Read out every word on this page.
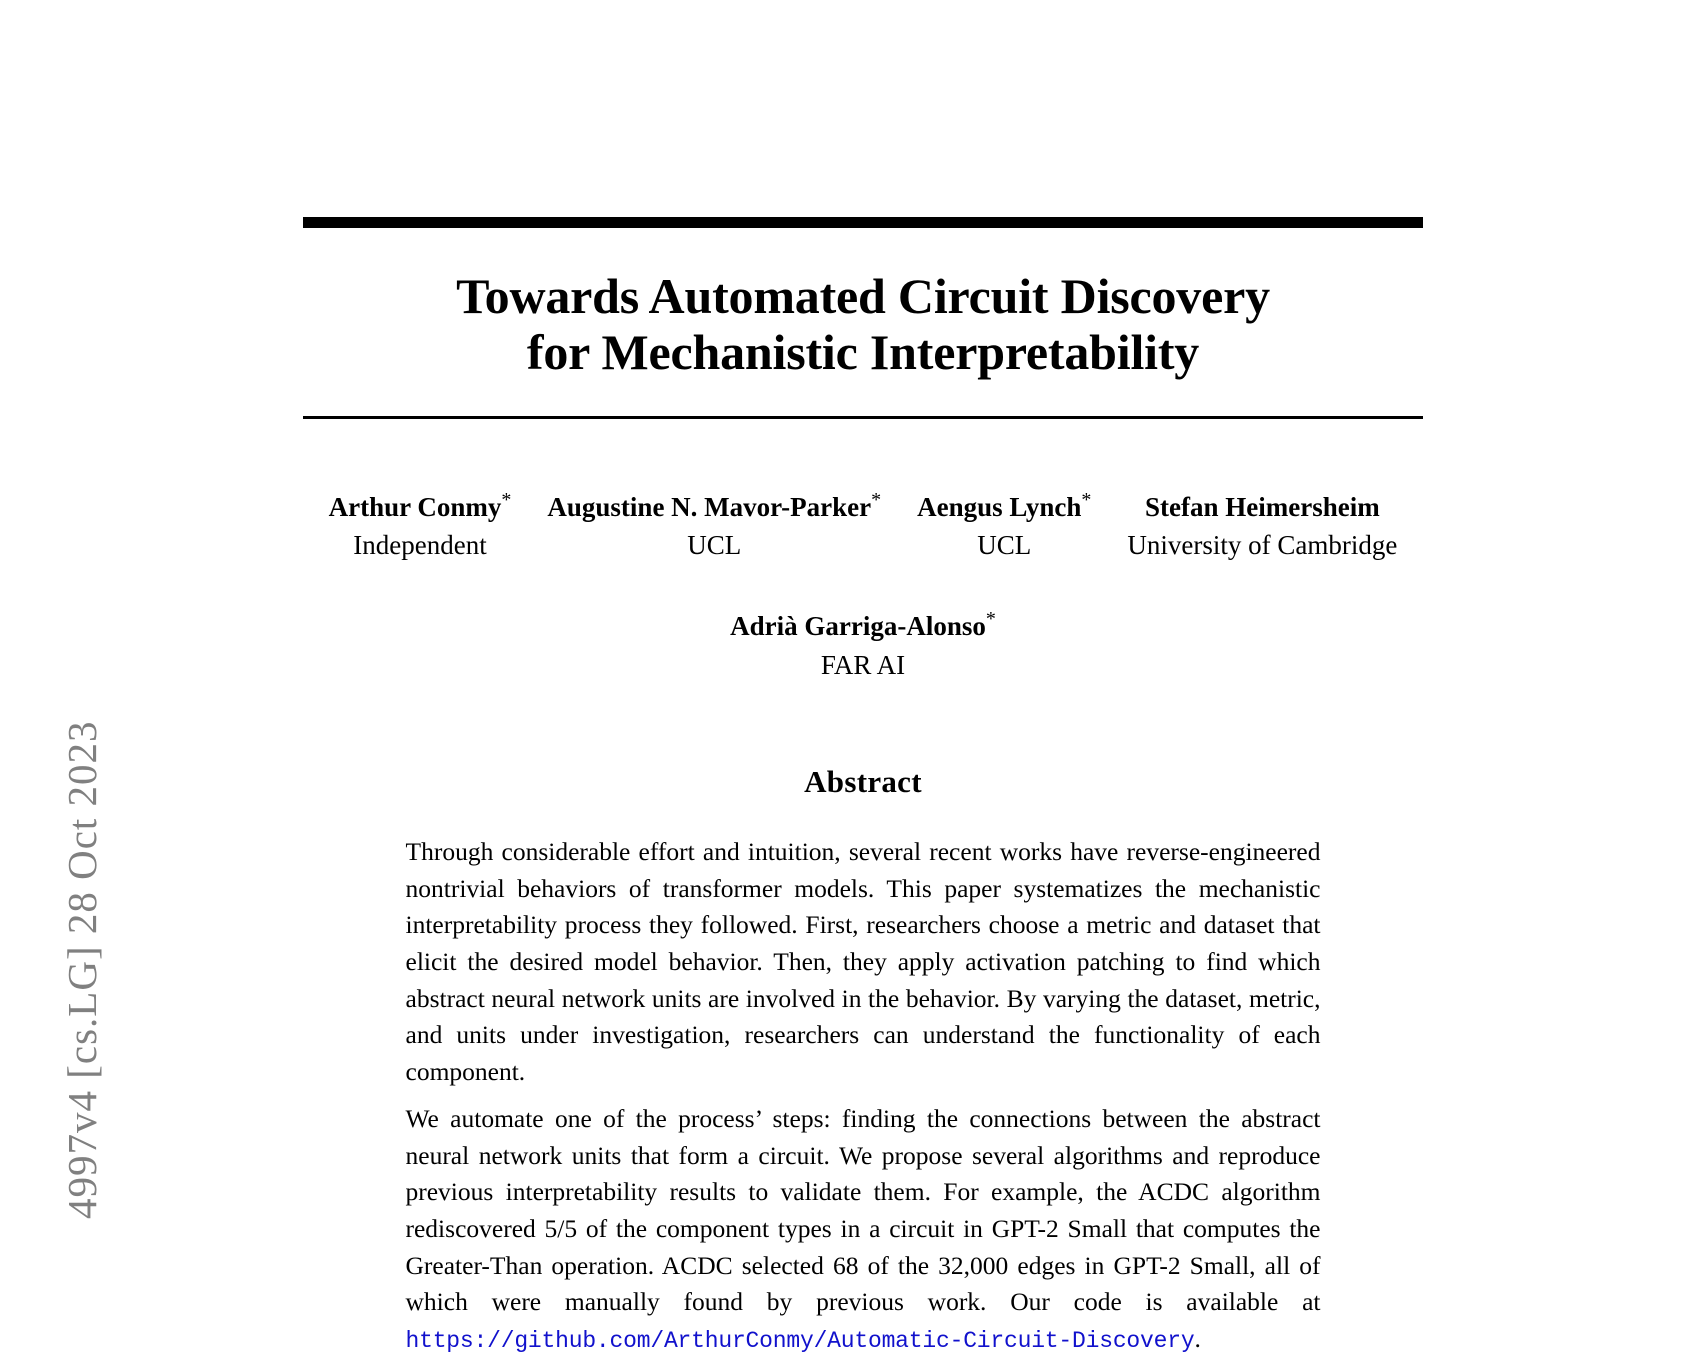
4997v4 [cs.LG] 28 Oct 2023
Towards Automated Circuit Discovery
for Mechanistic Interpretability
Arthur Conmy*
Independent
Augustine N. Mavor-Parker*
UCL
Aengus Lynch*
UCL
Stefan Heimersheim
University of Cambridge
Adrià Garriga-Alonso*
FAR AI
Abstract

Through considerable effort and intuition, several recent works have reverse-engineered nontrivial behaviors of transformer models. This paper systematizes the mechanistic interpretability process they followed. First, researchers choose a metric and dataset that elicit the desired model behavior. Then, they apply activation patching to find which abstract neural network units are involved in the behavior. By varying the dataset, metric, and units under investigation, researchers can understand the functionality of each component.

We automate one of the process’ steps: finding the connections between the abstract neural network units that form a circuit. We propose several algorithms and reproduce previous interpretability results to validate them. For example, the ACDC algorithm rediscovered 5/5 of the component types in a circuit in GPT-2 Small that computes the Greater-Than operation. ACDC selected 68 of the 32,000 edges in GPT-2 Small, all of which were manually found by previous work. Our code is available at https://github.com/ArthurConmy/Automatic-Circuit-Discovery.
